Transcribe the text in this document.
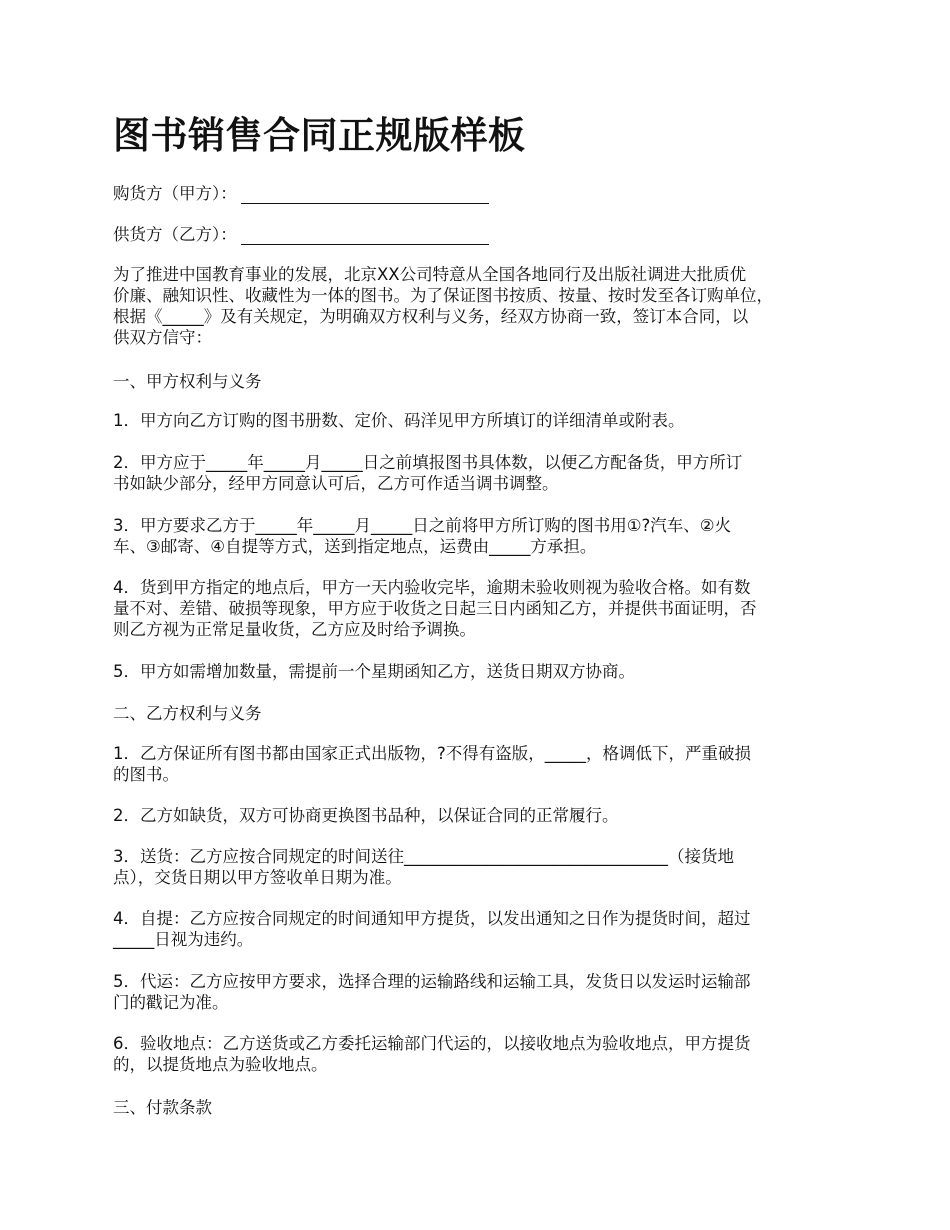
图书销售合同正规版样板
购货方（甲方）：
供货方（乙方）：

为了推进中国教育事业的发展，北京XX公司特意从全国各地同行及出版社调进大批质优
价廉、融知识性、收藏性为一体的图书。为了保证图书按质、按量、按时发至各订购单位，
根据《_____》及有关规定，为明确双方权利与义务，经双方协商一致，签订本合同，以
供双方信守：

一、甲方权利与义务

1．甲方向乙方订购的图书册数、定价、码洋见甲方所填订的详细清单或附表。

2．甲方应于_____年_____月_____日之前填报图书具体数，以便乙方配备货，甲方所订
书如缺少部分，经甲方同意认可后，乙方可作适当调书调整。

3．甲方要求乙方于_____年_____月_____日之前将甲方所订购的图书用①?汽车、②火
车、③邮寄、④自提等方式，送到指定地点，运费由_____方承担。

4．货到甲方指定的地点后，甲方一天内验收完毕，逾期未验收则视为验收合格。如有数
量不对、差错、破损等现象，甲方应于收货之日起三日内函知乙方，并提供书面证明，否
则乙方视为正常足量收货，乙方应及时给予调换。

5．甲方如需增加数量，需提前一个星期函知乙方，送货日期双方协商。

二、乙方权利与义务

1．乙方保证所有图书都由国家正式出版物，?不得有盗版，_____，格调低下，严重破损
的图书。

2．乙方如缺货，双方可协商更换图书品种，以保证合同的正常履行。

3．送货：乙方应按合同规定的时间送往________________________________（接货地
点），交货日期以甲方签收单日期为准。

4．自提：乙方应按合同规定的时间通知甲方提货，以发出通知之日作为提货时间，超过
_____日视为违约。

5．代运：乙方应按甲方要求，选择合理的运输路线和运输工具，发货日以发运时运输部
门的戳记为准。

6．验收地点：乙方送货或乙方委托运输部门代运的，以接收地点为验收地点，甲方提货
的，以提货地点为验收地点。

三、付款条款
